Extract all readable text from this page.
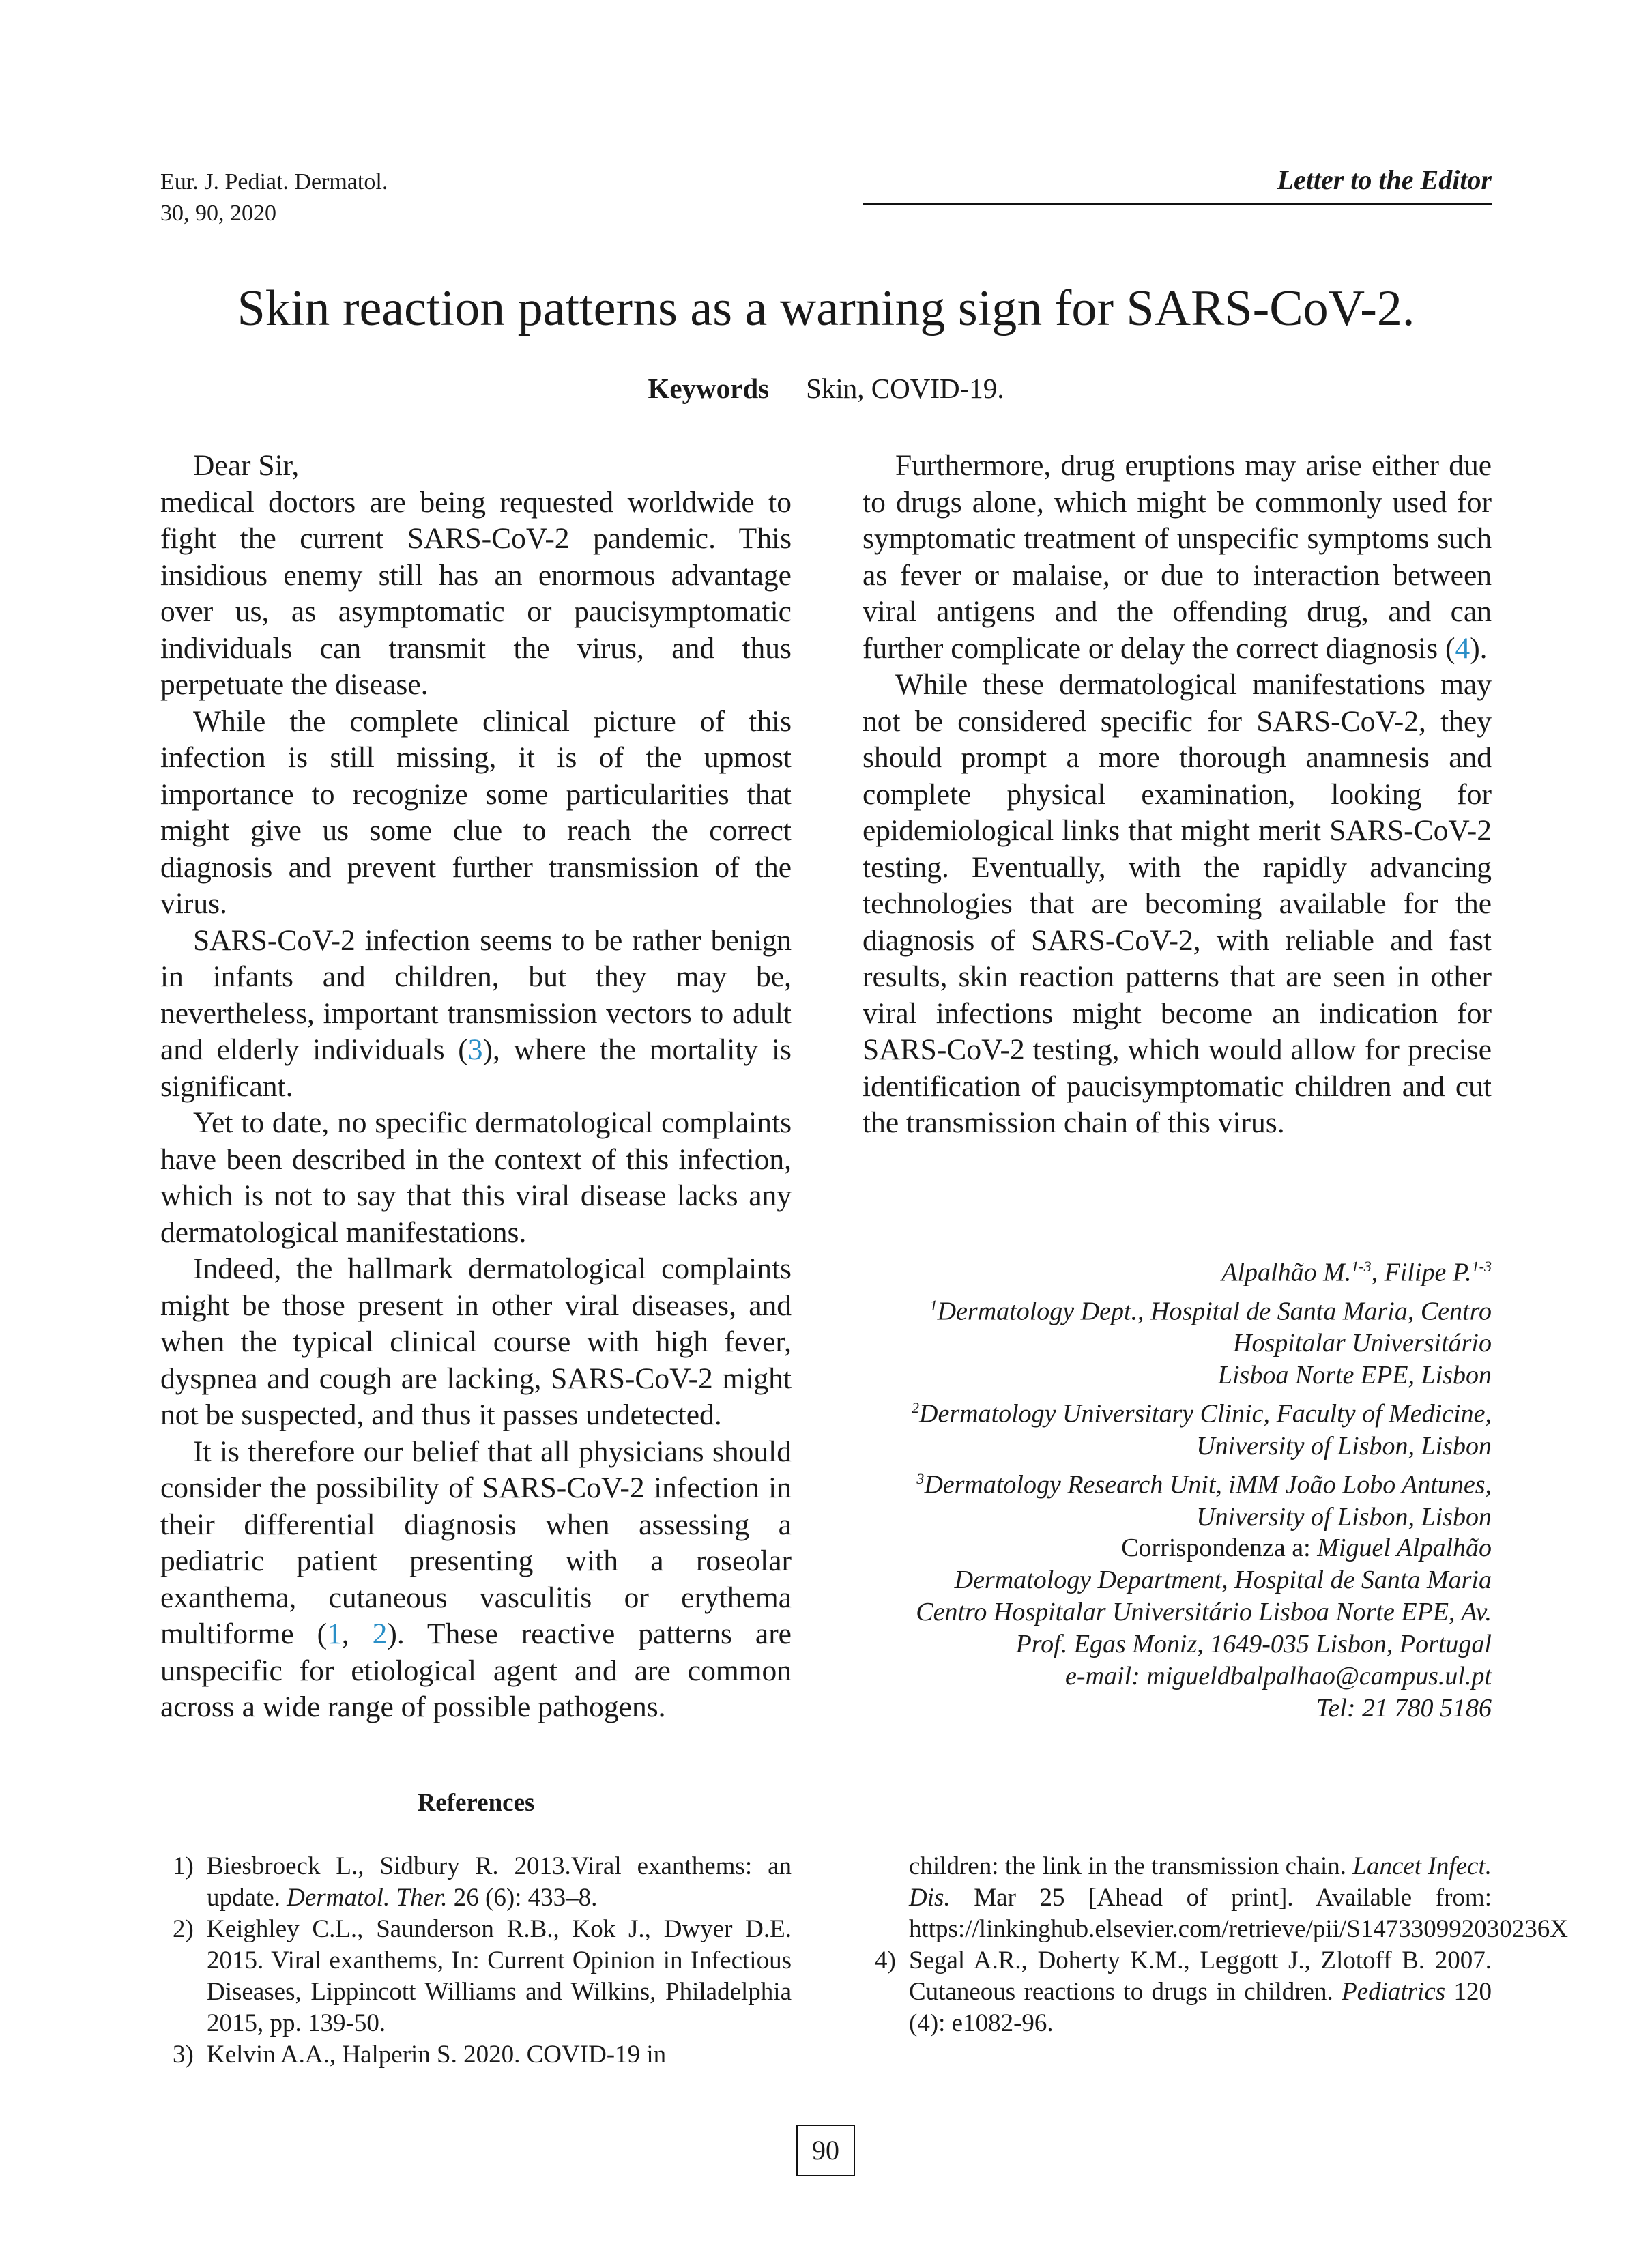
Eur. J. Pediat. Dermatol.
30, 90, 2020
Letter to the Editor
Skin reaction patterns as a warning sign for SARS-CoV-2.
Keywords Skin, COVID-19.

Dear Sir,

medical doctors are being requested worldwide to fight the current SARS-CoV-2 pandemic. This insidious enemy still has an enormous advantage over us, as asymptomatic or paucisymptomatic individuals can transmit the virus, and thus perpetuate the disease.

While the complete clinical picture of this infection is still missing, it is of the upmost importance to recognize some particularities that might give us some clue to reach the correct diagnosis and prevent further transmission of the virus.

SARS-CoV-2 infection seems to be rather benign in infants and children, but they may be, nevertheless, important transmission vectors to adult and elderly individuals (3), where the mortality is significant.

Yet to date, no specific dermatological complaints have been described in the context of this infection, which is not to say that this viral disease lacks any dermatological manifestations.

Indeed, the hallmark dermatological complaints might be those present in other viral diseases, and when the typical clinical course with high fever, dyspnea and cough are lacking, SARS-CoV-2 might not be suspected, and thus it passes undetected.

It is therefore our belief that all physicians should consider the possibility of SARS-CoV-2 infection in their differential diagnosis when assessing a pediatric patient presenting with a roseolar exanthema, cutaneous vasculitis or erythema multiforme (1, 2). These reactive patterns are unspecific for etiological agent and are common across a wide range of possible pathogens.

Furthermore, drug eruptions may arise either due to drugs alone, which might be commonly used for symptomatic treatment of unspecific symptoms such as fever or malaise, or due to interaction between viral antigens and the offending drug, and can further complicate or delay the correct diagnosis (4).

While these dermatological manifestations may not be considered specific for SARS-CoV-2, they should prompt a more thorough anamnesis and complete physical examination, looking for epidemiological links that might merit SARS-CoV-2 testing. Eventually, with the rapidly advancing technologies that are becoming available for the diagnosis of SARS-CoV-2, with reliable and fast results, skin reaction patterns that are seen in other viral infections might become an indication for SARS-CoV-2 testing, which would allow for precise identification of paucisymptomatic children and cut the transmission chain of this virus.

Alpalhão M.$^{1-3}$, Filipe P.$^{1-3}$
$^1$Dermatology Dept., Hospital de Santa Maria, Centro
Hospitalar Universitário
Lisboa Norte EPE, Lisbon
$^2$Dermatology Universitary Clinic, Faculty of Medicine,
University of Lisbon, Lisbon
$^3$Dermatology Research Unit, iMM João Lobo Antunes,
University of Lisbon, Lisbon
Corrispondenza a: Miguel Alpalhão
Dermatology Department, Hospital de Santa Maria
Centro Hospitalar Universitário Lisboa Norte EPE, Av.
Prof. Egas Moniz, 1649-035 Lisbon, Portugal
e-mail: migueldbalpalhao@campus.ul.pt
Tel: 21 780 5186
References
1) Biesbroeck L., Sidbury R. 2013.Viral exanthems: an update. Dermatol. Ther. 26 (6): 433–8.
2) Keighley C.L., Saunderson R.B., Kok J., Dwyer D.E. 2015. Viral exanthems, In: Current Opinion in Infectious Diseases, Lippincott Williams and Wilkins, Philadelphia 2015, pp. 139-50.
3) Kelvin A.A., Halperin S. 2020. COVID-19 in
children: the link in the transmission chain. Lancet Infect. Dis. Mar 25 [Ahead of print]. Available from: https://linkinghub.elsevier.com/retrieve/pii/S147330992030236X
4) Segal A.R., Doherty K.M., Leggott J., Zlotoff B. 2007. Cutaneous reactions to drugs in children. Pediatrics 120 (4): e1082-96.
90
